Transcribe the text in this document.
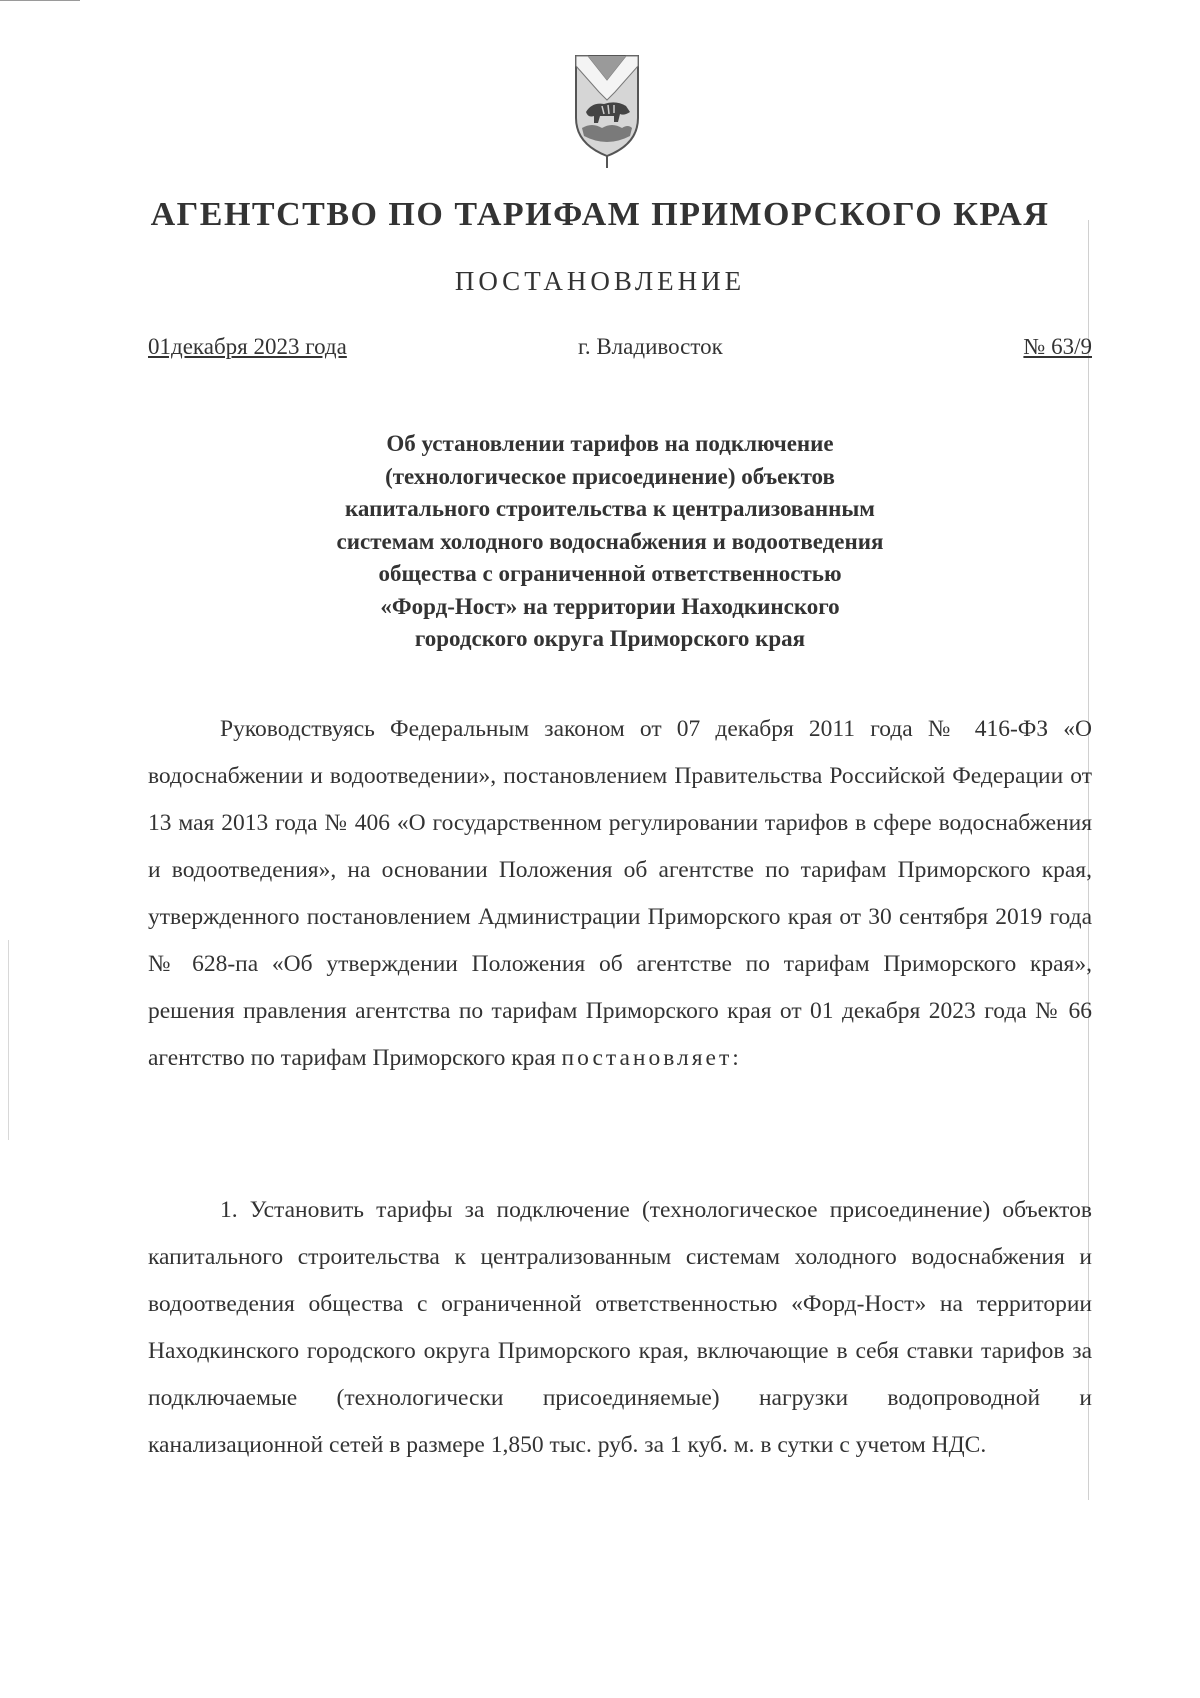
АГЕНТСТВО ПО ТАРИФАМ ПРИМОРСКОГО КРАЯ
ПОСТАНОВЛЕНИЕ
01декабря 2023 года	г. Владивосток	№ 63/9
Об установлении тарифов на подключение
(технологическое присоединение) объектов
капитального строительства к централизованным
системам холодного водоснабжения и водоотведения
общества с ограниченной ответственностью
«Форд-Ност» на территории Находкинского
городского округа Приморского края

Руководствуясь Федеральным законом от 07 декабря 2011 года № 416-ФЗ «О водоснабжении и водоотведении», постановлением Правительства Российской Федерации от 13 мая 2013 года № 406 «О государственном регулировании тарифов в сфере водоснабжения и водоотведения», на основании Положения об агентстве по тарифам Приморского края, утвержденного постановлением Администрации Приморского края от 30 сентября 2019 года № 628-па «Об утверждении Положения об агентстве по тарифам Приморского края», решения правления агентства по тарифам Приморского края от 01 декабря 2023 года № 66 агентство по тарифам Приморского края постановляет:

1. Установить тарифы за подключение (технологическое присоединение) объектов капитального строительства к централизованным системам холодного водоснабжения и водоотведения общества с ограниченной ответственностью «Форд-Ност» на территории Находкинского городского округа Приморского края, включающие в себя ставки тарифов за подключаемые (технологически присоединяемые) нагрузки водопроводной и канализационной сетей в размере 1,850 тыс. руб. за 1 куб. м. в сутки с учетом НДС.
